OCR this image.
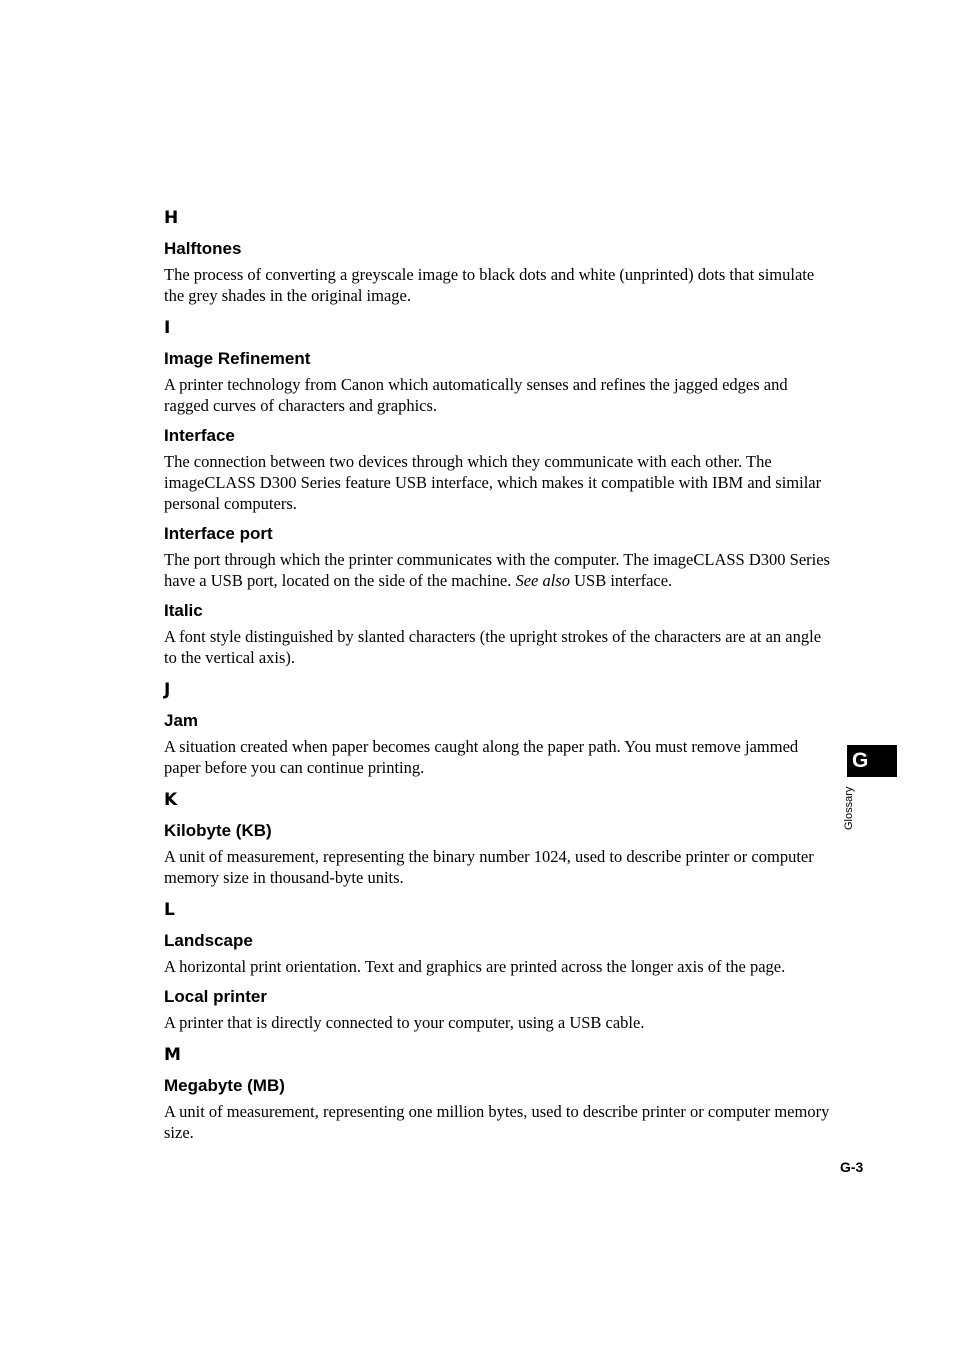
H
Halftones
The process of converting a greyscale image to black dots and white (unprinted) dots that simulate the grey shades in the original image.
I
Image Refinement
A printer technology from Canon which automatically senses and refines the jagged edges and ragged curves of characters and graphics.
Interface
The connection between two devices through which they communicate with each other. The imageCLASS D300 Series feature USB interface, which makes it compatible with IBM and similar personal computers.
Interface port
The port through which the printer communicates with the computer. The imageCLASS D300 Series have a USB port, located on the side of the machine. See also USB interface.
Italic
A font style distinguished by slanted characters (the upright strokes of the characters are at an angle to the vertical axis).
J
Jam
A situation created when paper becomes caught along the paper path. You must remove jammed paper before you can continue printing.
K
Kilobyte (KB)
A unit of measurement, representing the binary number 1024, used to describe printer or computer memory size in thousand-byte units.
L
Landscape
A horizontal print orientation. Text and graphics are printed across the longer axis of the page.
Local printer
A printer that is directly connected to your computer, using a USB cable.
M
Megabyte (MB)
A unit of measurement, representing one million bytes, used to describe printer or computer memory size.
G
Glossary
G-3
